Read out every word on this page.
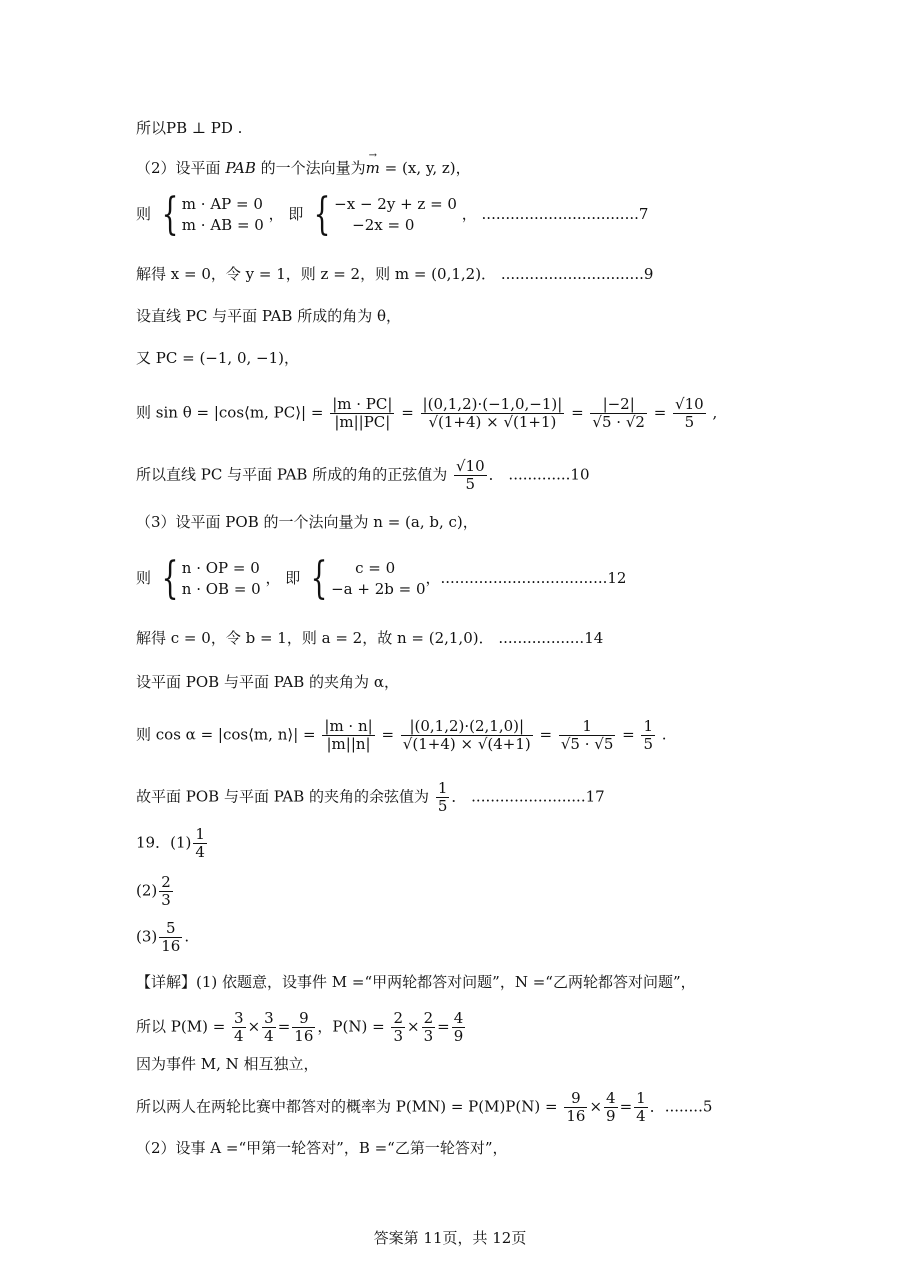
所以PB ⊥ PD .
（2）设平面 PAB 的一个法向量为→ m = (x, y, z)，
则 { m · AP = 0
m · AB = 0 ， 即 { −x − 2y + z = 0
−2x = 0 ， .................................7
解得 x = 0，令 y = 1，则 z = 2，则 m = (0,1,2)． ..............................9
设直线 PC 与平面 PAB 所成的角为 θ，
又 PC = (−1, 0, −1)，
则 sin θ = |cos⟨m, PC⟩| = $\frac{|m \cdot PC|}{|m||PC|} = \frac{|(0,1,2)\cdot(-1,0,-1)|}{√(1+4) \times √(1+1)} = \frac{|-2|}{√5 \cdot √2} = \frac{√10}{5}$ ,
所以直线 PC 与平面 PAB 所成的角的正弦值为 $\frac{√10}{5}$ ． .............10
（3）设平面 POB 的一个法向量为 n = (a, b, c)，
则 { n · OP = 0
n · OB = 0 ， 即 { c = 0
−a + 2b = 0，...................................12
解得 c = 0，令 b = 1，则 a = 2，故 n = (2,1,0)． ..................14
设平面 POB 与平面 PAB 的夹角为 α，
则 cos α = |cos⟨m, n⟩| = $\frac{|m \cdot n|}{|m||n|} = \frac{|(0,1,2)\cdot(2,1,0)|}{√(1+4) \times √(4+1)} = \frac{1}{√5 \cdot √5} = \frac{1}{5}$ .
故平面 POB 与平面 PAB 的夹角的余弦值为 $\frac{1}{5}$ ． ........................17
19．$(1) \frac{1}{4}$
$(2) \frac{2}{3}$
$(3) \frac{5}{16}$ .
【详解】(1) 依题意，设事件 M =“甲两轮都答对问题”，N =“乙两轮都答对问题”，
所以 $P(M) = \frac{3}{4} \times \frac{3}{4} = \frac{9}{16}$ ，$P(N) = \frac{2}{3} \times \frac{2}{3} = \frac{4}{9}$
因为事件 M, N 相互独立，
所以两人在两轮比赛中都答对的概率为 $P(MN) = P(M)P(N) = \frac{9}{16} \times \frac{4}{9} = \frac{1}{4}$ ．........5
（2）设事 A =“甲第一轮答对”，B =“乙第一轮答对”，
答案第 11页，共 12页
